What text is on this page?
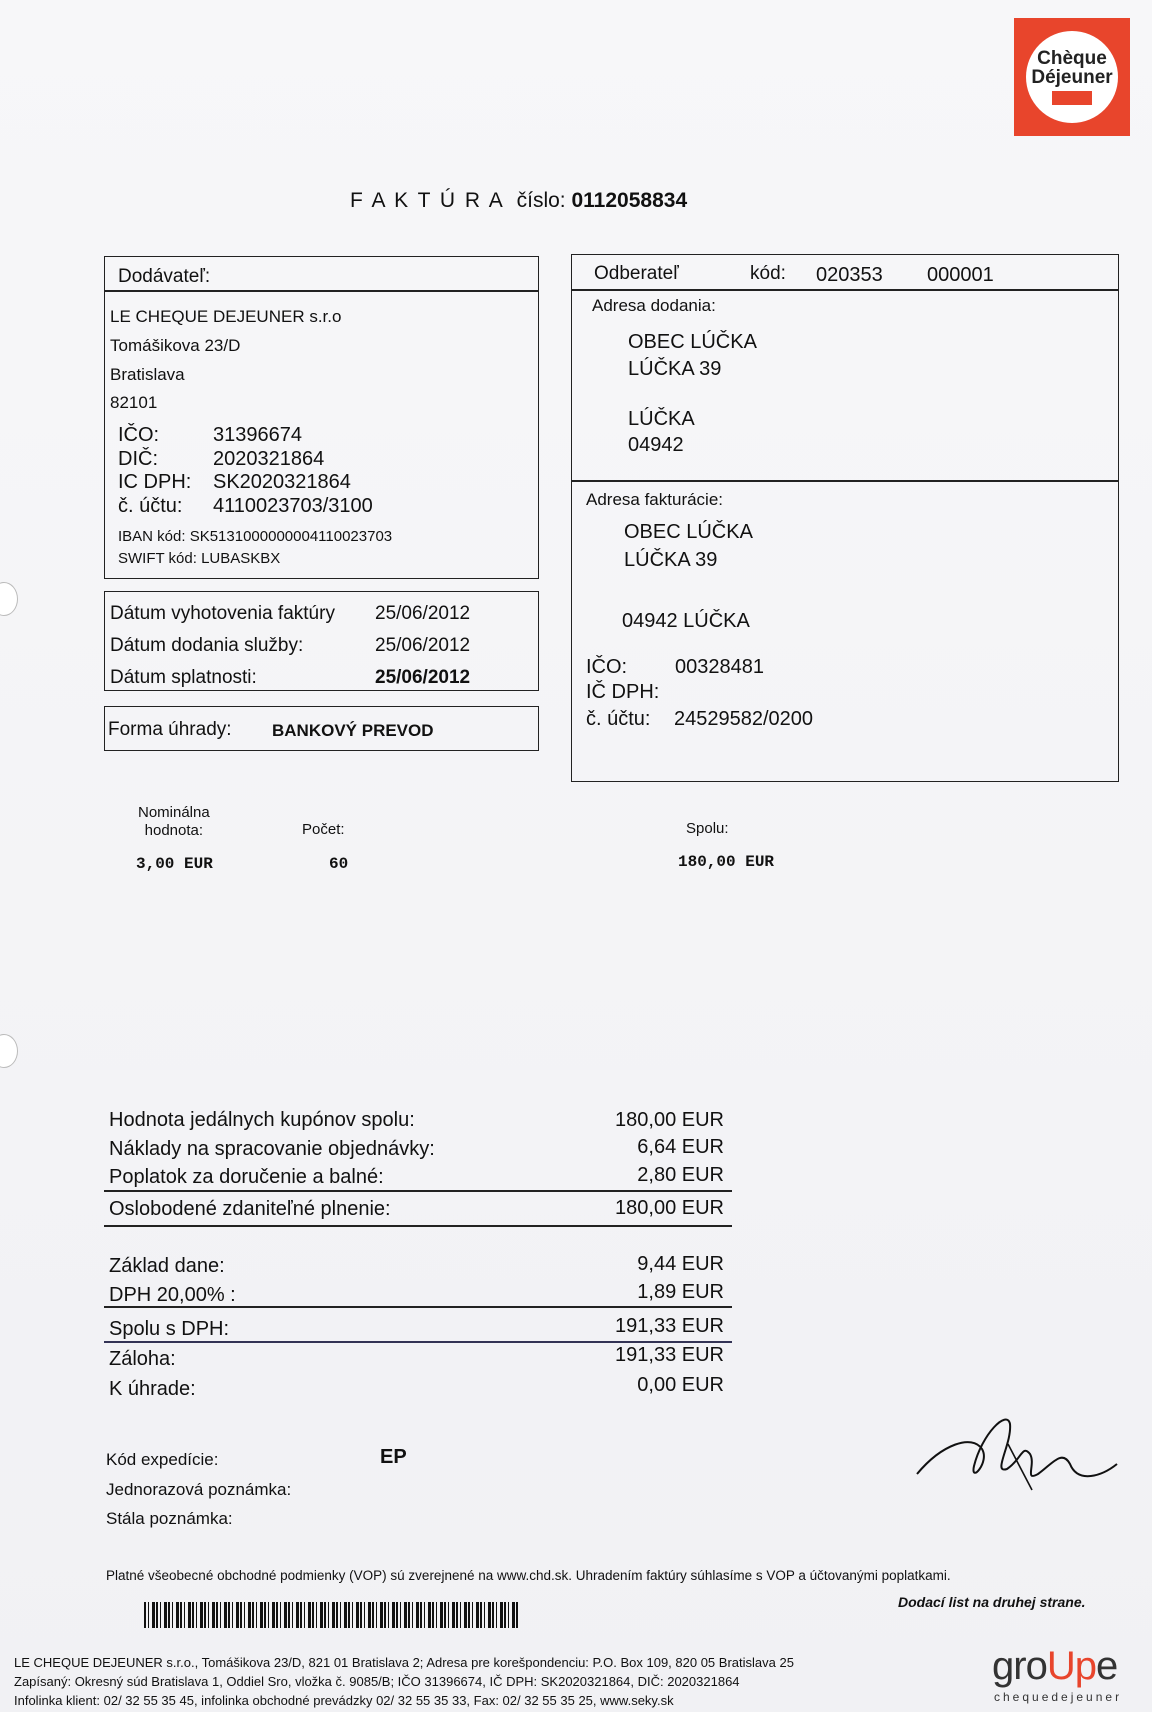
Chèque
Déjeuner
F A K T Ú R A číslo: 0112058834
Dodávateľ:
LE CHEQUE DEJEUNER s.r.o
Tomášikova 23/D
Bratislava
82101
IČO:	31396674
DIČ:	2020321864
IC DPH: SK2020321864
č. účtu: 4110023703/3100
IBAN kód: SK5131000000004110023703
SWIFT kód: LUBASKBX
Dátum vyhotovenia faktúry 25/06/2012
Dátum dodania služby:	25/06/2012
Dátum splatnosti:	25/06/2012
Forma úhrady: BANKOVÝ PREVOD
Odberateľ	kód: 020353 000001
Adresa dodania:
OBEC LÚČKA
LÚČKA 39
LÚČKA
04942
Adresa fakturácie:
OBEC LÚČKA
LÚČKA 39
04942 LÚČKA
IČO: 00328481
IČ DPH:
č. účtu: 24529582/0200
Nominálna
hodnota:	Počet:	Spolu:
3,00 EUR	60	180,00 EUR
Hodnota jedálnych kupónov spolu:	180,00 EUR
Náklady na spracovanie objednávky:	6,64 EUR
Poplatok za doručenie a balné:	2,80 EUR
Oslobodené zdaniteľné plnenie:	180,00 EUR
Základ dane:	9,44 EUR
DPH 20,00% :	1,89 EUR
Spolu s DPH:	191,33 EUR
Záloha:	191,33 EUR
K úhrade:	0,00 EUR
Kód expedície:	EP
Jednorazová poznámka:
Stála poznámka:
Platné všeobecné obchodné podmienky (VOP) sú zverejnené na www.chd.sk. Uhradením faktúry súhlasíme s VOP a účtovanými poplatkami.
Dodací list na druhej strane.
LE CHEQUE DEJEUNER s.r.o., Tomášikova 23/D, 821 01 Bratislava 2; Adresa pre korešpondenciu: P.O. Box 109, 820 05 Bratislava 25
Zapísaný: Okresný súd Bratislava 1, Oddiel Sro, vložka č. 9085/B; IČO 31396674, IČ DPH: SK2020321864, DIČ: 2020321864
Infolinka klient: 02/ 32 55 35 45, infolinka obchodné prevádzky 02/ 32 55 35 33, Fax: 02/ 32 55 35 25, www.seky.sk
groUpe
chequedejeuner
